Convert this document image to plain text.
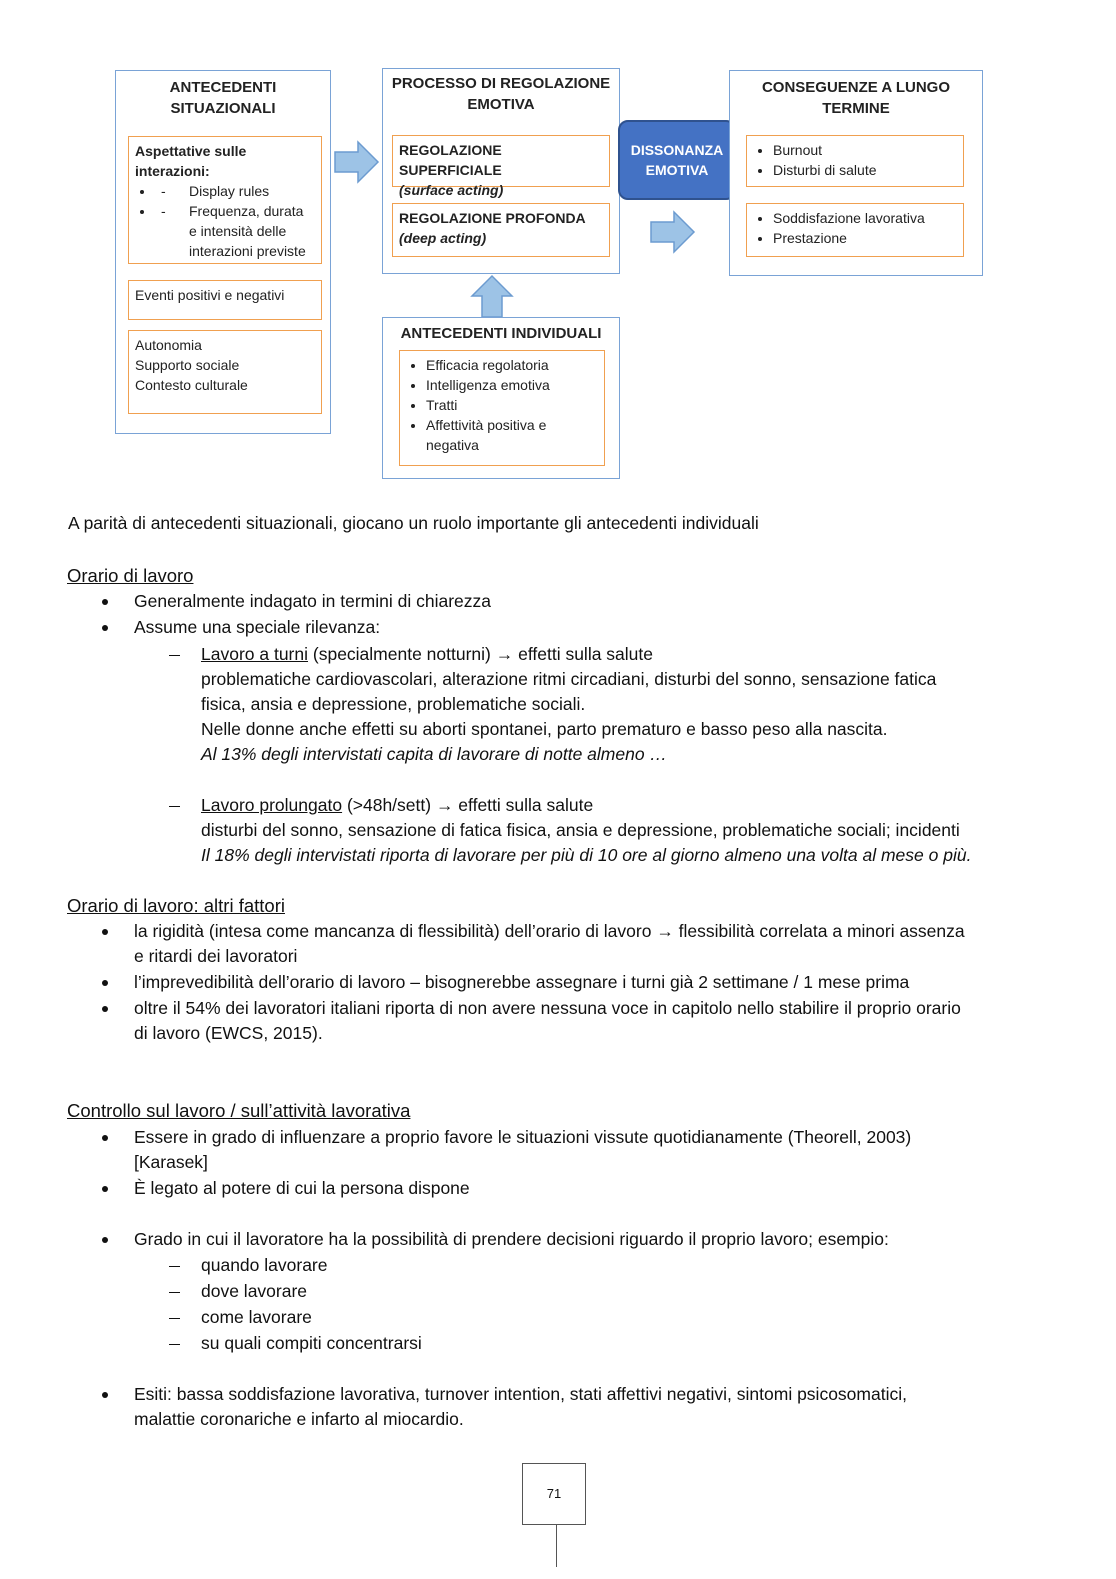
ANTECEDENTI
SITUAZIONALI
Aspettative sulle interazioni:
- • Display rules
- • Frequenza, durata e intensità delle interazioni previste
Eventi positivi e negativi
Autonomia
Supporto sociale
Contesto culturale
PROCESSO DI REGOLAZIONE
EMOTIVA
REGOLAZIONE SUPERFICIALE
(surface acting)
REGOLAZIONE PROFONDA
(deep acting)
DISSONANZA
EMOTIVA
CONSEGUENZE A LUNGO
TERMINE
• Burnout
• Disturbi di salute
• Soddisfazione lavorativa
• Prestazione
ANTECEDENTI INDIVIDUALI
• Efficacia regolatoria
• Intelligenza emotiva
• Tratti
• Affettività positiva e negativa
A parità di antecedenti situazionali, giocano un ruolo importante gli antecedenti individuali
Orario di lavoro
Generalmente indagato in termini di chiarezza
Assume una speciale rilevanza:
Lavoro a turni (specialmente notturni) → effetti sulla salute
problematiche cardiovascolari, alterazione ritmi circadiani, disturbi del sonno, sensazione fatica
fisica, ansia e depressione, problematiche sociali.
Nelle donne anche effetti su aborti spontanei, parto prematuro e basso peso alla nascita.
Al 13% degli intervistati capita di lavorare di notte almeno …
Lavoro prolungato (>48h/sett) → effetti sulla salute
disturbi del sonno, sensazione di fatica fisica, ansia e depressione, problematiche sociali; incidenti
Il 18% degli intervistati riporta di lavorare per più di 10 ore al giorno almeno una volta al mese o più.
Orario di lavoro: altri fattori
la rigidità (intesa come mancanza di flessibilità) dell’orario di lavoro → flessibilità correlata a minori assenza
e ritardi dei lavoratori
l’imprevedibilità dell’orario di lavoro – bisognerebbe assegnare i turni già 2 settimane / 1 mese prima
oltre il 54% dei lavoratori italiani riporta di non avere nessuna voce in capitolo nello stabilire il proprio orario
di lavoro (EWCS, 2015).
Controllo sul lavoro / sull’attività lavorativa
Essere in grado di influenzare a proprio favore le situazioni vissute quotidianamente (Theorell, 2003)
[Karasek]
È legato al potere di cui la persona dispone
Grado in cui il lavoratore ha la possibilità di prendere decisioni riguardo il proprio lavoro; esempio:
quando lavorare
dove lavorare
come lavorare
su quali compiti concentrarsi
Esiti: bassa soddisfazione lavorativa, turnover intention, stati affettivi negativi, sintomi psicosomatici,
malattie coronariche e infarto al miocardio.
71
